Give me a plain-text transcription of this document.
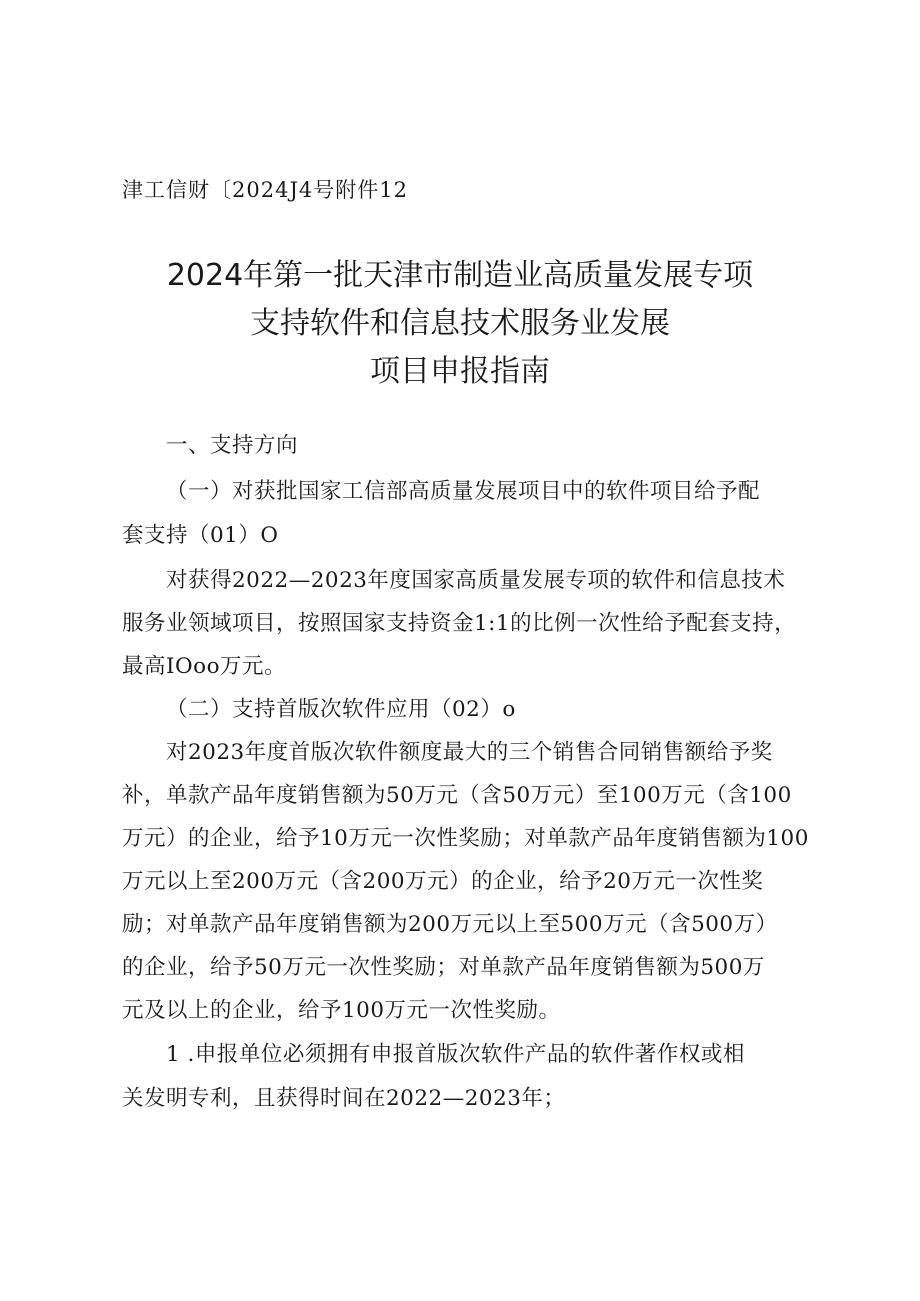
津工信财〔2024J4号附件12
2024年第一批天津市制造业高质量发展专项
支持软件和信息技术服务业发展
项目申报指南
一、支持方向
（一）对获批国家工信部高质量发展项目中的软件项目给予配
套支持（01）O
对获得2022—2023年度国家高质量发展专项的软件和信息技术
服务业领域项目，按照国家支持资金1:1的比例一次性给予配套支持，
最高IOoo万元。
（二）支持首版次软件应用（02）o
对2023年度首版次软件额度最大的三个销售合同销售额给予奖
补，单款产品年度销售额为50万元（含50万元）至100万元（含100
万元）的企业，给予10万元一次性奖励；对单款产品年度销售额为100
万元以上至200万元（含200万元）的企业，给予20万元一次性奖
励；对单款产品年度销售额为200万元以上至500万元（含500万）
的企业，给予50万元一次性奖励；对单款产品年度销售额为500万
元及以上的企业，给予100万元一次性奖励。
1 .申报单位必须拥有申报首版次软件产品的软件著作权或相
关发明专利，且获得时间在2022—2023年；
